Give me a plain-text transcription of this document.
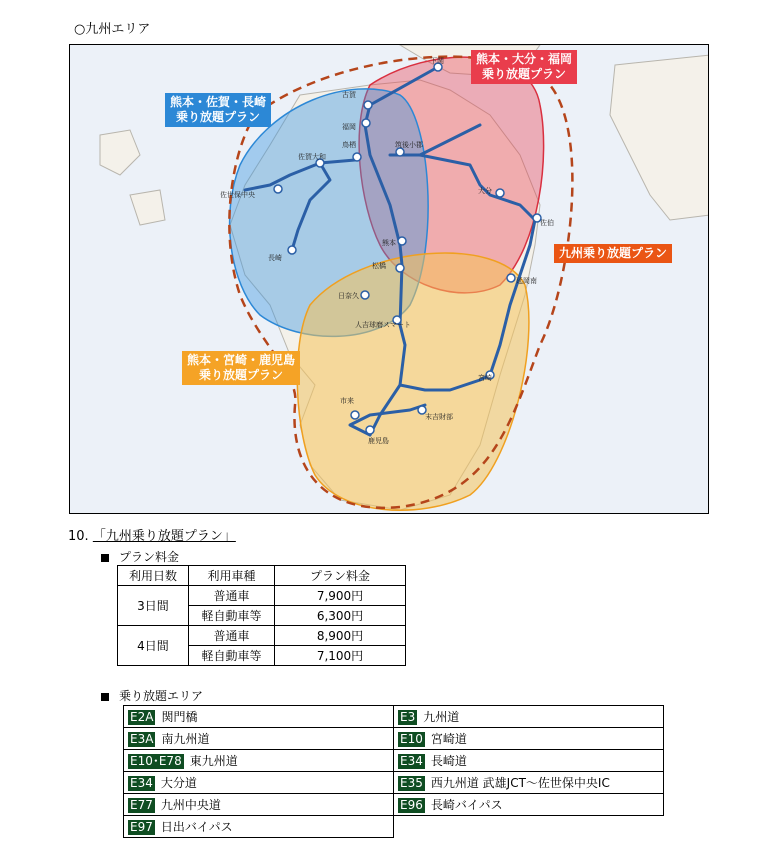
○九州エリア
下関
古賀
福岡
筑後小郡
鳥栖
佐賀大和
佐世保中央
長崎
大分
佐伯
熊本
松橋
延岡南
日奈久
人吉球磨スマート
宮崎
市来
末吉財部
鹿児島
熊本・大分・福岡
乗り放題プラン
熊本・佐賀・長崎
乗り放題プラン
九州乗り放題プラン
熊本・宮崎・鹿児島
乗り放題プラン
10. 「九州乗り放題プラン」
プラン料金
利用日数	利用車種	プラン料金
3日間	普通車	7,900円
	軽自動車等	6,300円
4日間	普通車	8,900円
	軽自動車等	7,100円
乗り放題エリア
E2A 関門橋	E3 九州道
E3A 南九州道	E10 宮崎道
E10･E78 東九州道	E34 長崎道
E34 大分道	E35 西九州道 武雄JCT～佐世保中央IC
E77 九州中央道	E96 長崎バイパス
E97 日出バイパス	
